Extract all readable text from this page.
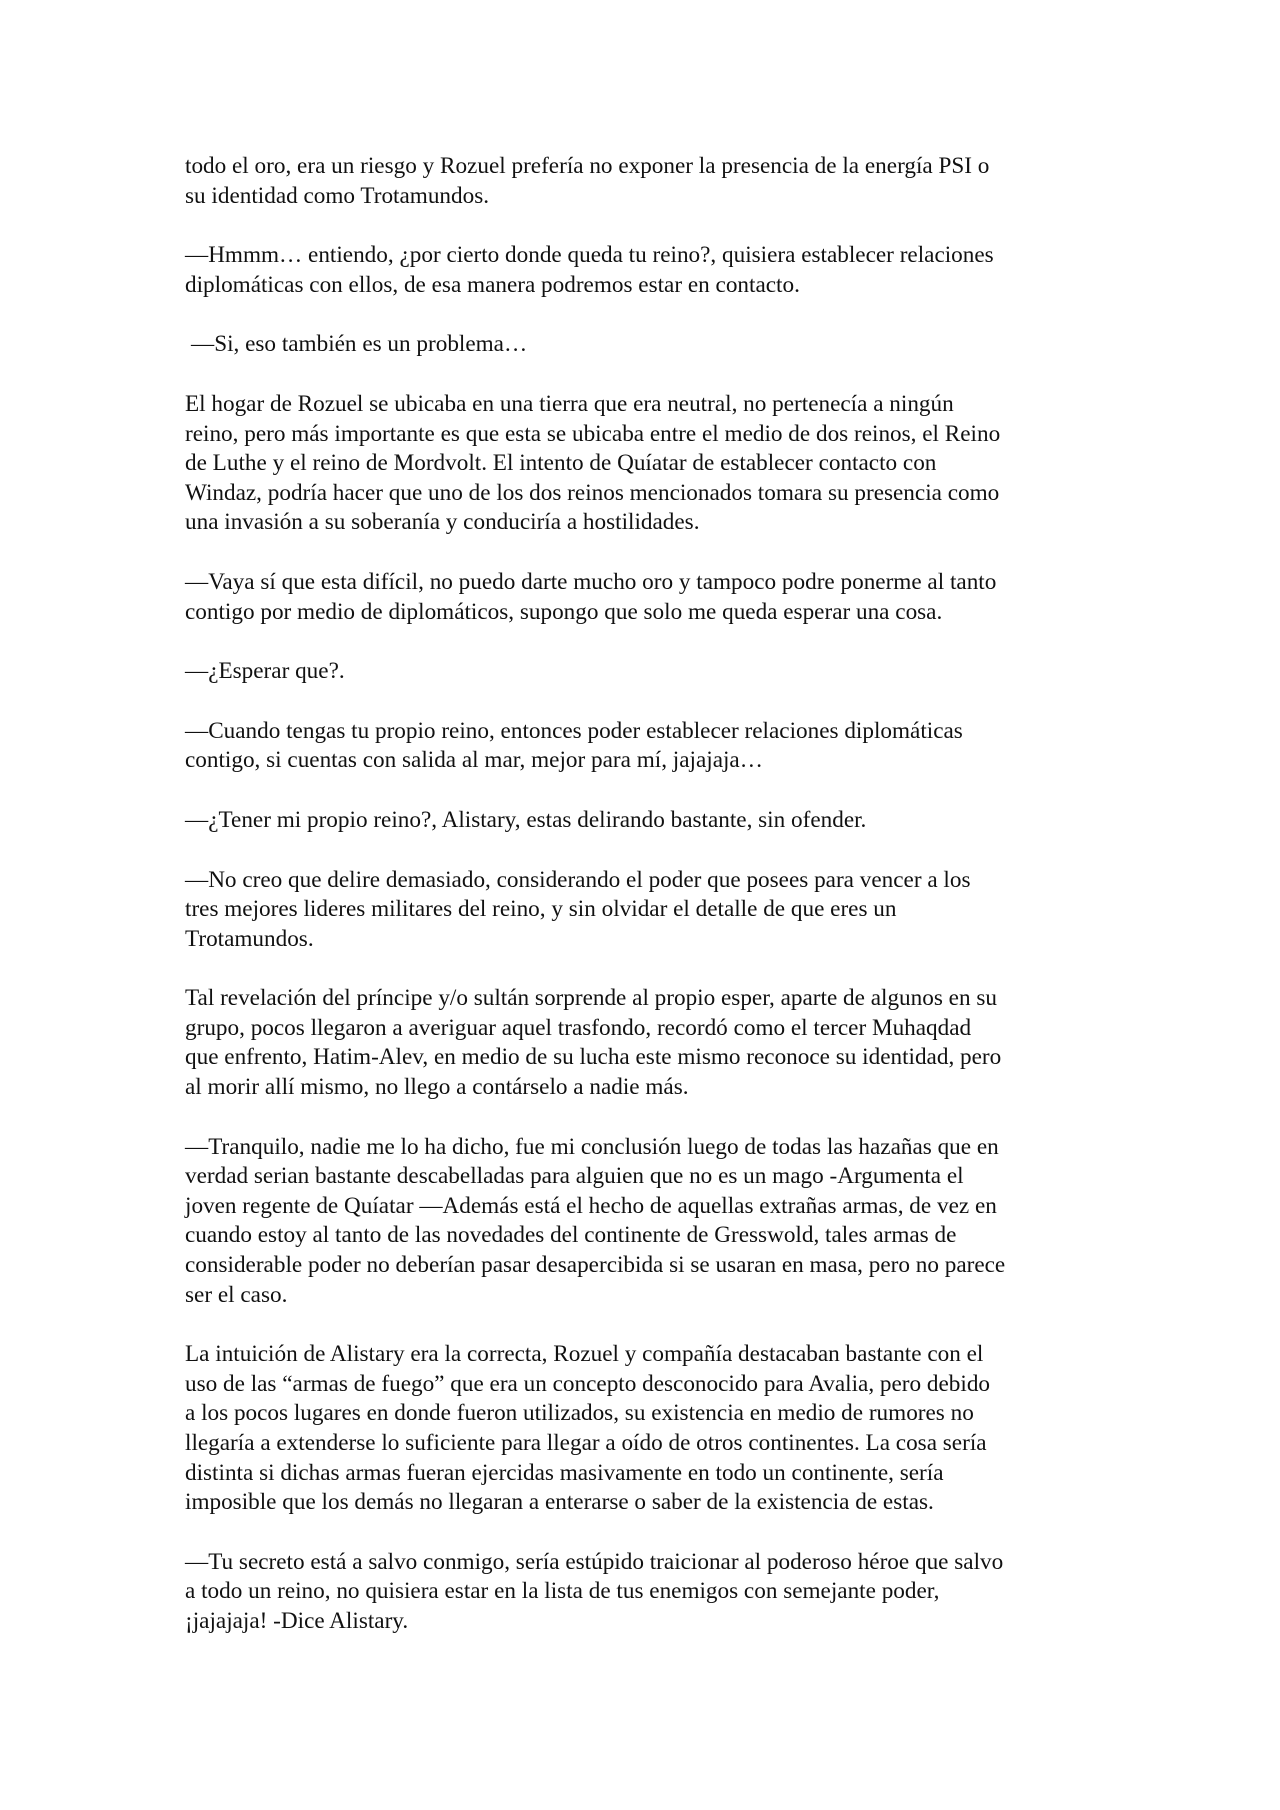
todo el oro, era un riesgo y Rozuel prefería no exponer la presencia de la energía PSI o
su identidad como Trotamundos.

—Hmmm… entiendo, ¿por cierto donde queda tu reino?, quisiera establecer relaciones
diplomáticas con ellos, de esa manera podremos estar en contacto.

—Si, eso también es un problema…

El hogar de Rozuel se ubicaba en una tierra que era neutral, no pertenecía a ningún
reino, pero más importante es que esta se ubicaba entre el medio de dos reinos, el Reino
de Luthe y el reino de Mordvolt. El intento de Quíatar de establecer contacto con
Windaz, podría hacer que uno de los dos reinos mencionados tomara su presencia como
una invasión a su soberanía y conduciría a hostilidades.

—Vaya sí que esta difícil, no puedo darte mucho oro y tampoco podre ponerme al tanto
contigo por medio de diplomáticos, supongo que solo me queda esperar una cosa.

—¿Esperar que?.

—Cuando tengas tu propio reino, entonces poder establecer relaciones diplomáticas
contigo, si cuentas con salida al mar, mejor para mí, jajajaja…

—¿Tener mi propio reino?, Alistary, estas delirando bastante, sin ofender.

—No creo que delire demasiado, considerando el poder que posees para vencer a los
tres mejores lideres militares del reino, y sin olvidar el detalle de que eres un
Trotamundos.

Tal revelación del príncipe y/o sultán sorprende al propio esper, aparte de algunos en su
grupo, pocos llegaron a averiguar aquel trasfondo, recordó como el tercer Muhaqdad
que enfrento, Hatim-Alev, en medio de su lucha este mismo reconoce su identidad, pero
al morir allí mismo, no llego a contárselo a nadie más.

—Tranquilo, nadie me lo ha dicho, fue mi conclusión luego de todas las hazañas que en
verdad serian bastante descabelladas para alguien que no es un mago -Argumenta el
joven regente de Quíatar —Además está el hecho de aquellas extrañas armas, de vez en
cuando estoy al tanto de las novedades del continente de Gresswold, tales armas de
considerable poder no deberían pasar desapercibida si se usaran en masa, pero no parece
ser el caso.

La intuición de Alistary era la correcta, Rozuel y compañía destacaban bastante con el
uso de las “armas de fuego” que era un concepto desconocido para Avalia, pero debido
a los pocos lugares en donde fueron utilizados, su existencia en medio de rumores no
llegaría a extenderse lo suficiente para llegar a oído de otros continentes. La cosa sería
distinta si dichas armas fueran ejercidas masivamente en todo un continente, sería
imposible que los demás no llegaran a enterarse o saber de la existencia de estas.

—Tu secreto está a salvo conmigo, sería estúpido traicionar al poderoso héroe que salvo
a todo un reino, no quisiera estar en la lista de tus enemigos con semejante poder,
¡jajajaja! -Dice Alistary.
